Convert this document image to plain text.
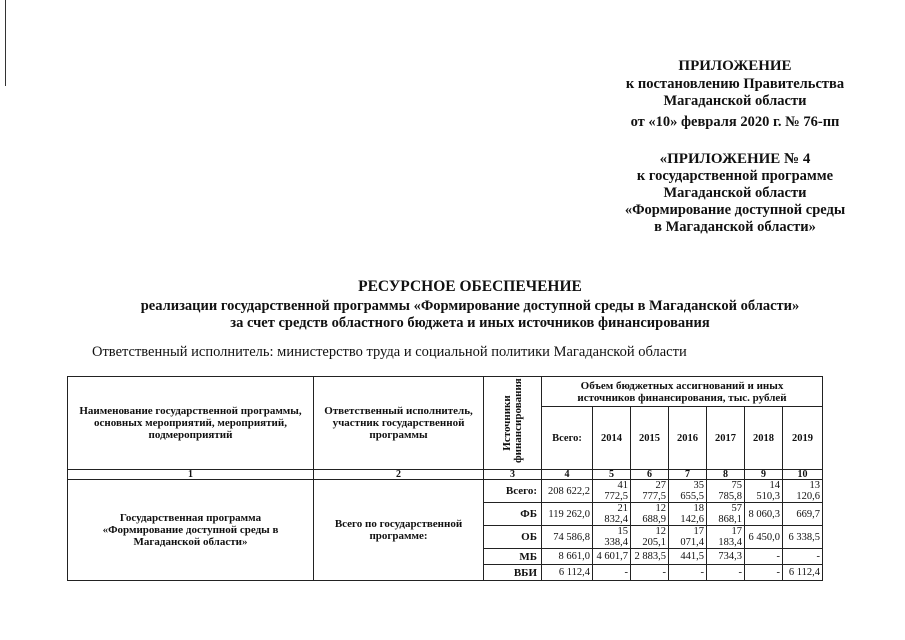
ПРИЛОЖЕНИЕ
к постановлению Правительства
Магаданской области
от «10» февраля 2020 г. № 76-пп
«ПРИЛОЖЕНИЕ № 4
к государственной программе
Магаданской области
«Формирование доступной среды
в Магаданской области»
РЕСУРСНОЕ ОБЕСПЕЧЕНИЕ
реализации государственной программы «Формирование доступной среды в Магаданской области»
за счет средств областного бюджета и иных источников финансирования
Ответственный исполнитель: министерство труда и социальной политики Магаданской области
Наименование государственной программы, основных мероприятий, мероприятий, подмероприятий	Ответственный исполнитель, участник государственной программы	Источники финансирования	Объем бюджетных ассигнований и иных источников финансирования, тыс. рублей						

			Всего:	2014	2015	2016	2017	2018	2019
1	2	3	4	5	6	7	8	9	10

Государственная программа «Формирование доступной среды в Магаданской области»	Всего по государственной программе:	Всего:	208 622,2	41 772,5	27 777,5	35 655,5	75 785,8	14 510,3	13 120,6
		ФБ	119 262,0	21 832,4	12 688,9	18 142,6	57 868,1	8 060,3	669,7
		ОБ	74 586,8	15 338,4	12 205,1	17 071,4	17 183,4	6 450,0	6 338,5
		МБ	8 661,0	4 601,7	2 883,5	441,5	734,3	-	-
		ВБИ	6 112,4	-	-	-	-	-	6 112,4
